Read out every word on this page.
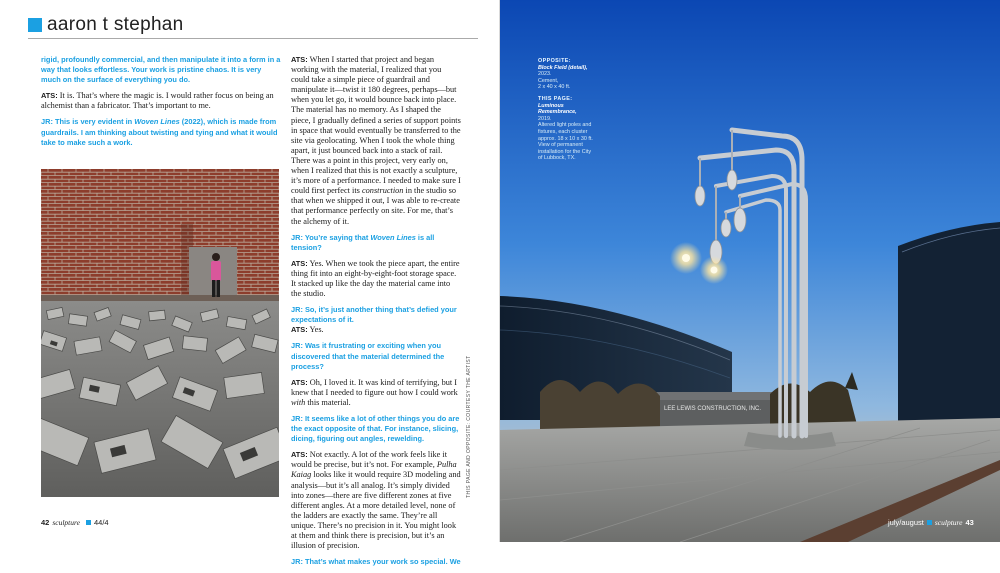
aaron t stephan

rigid, profoundly commercial, and then manipulate it into a form in a way that looks effortless. Your work is pristine chaos. It is very much on the surface of everything you do.

ATS: It is. That’s where the magic is. I would rather focus on being an alchemist than a fabricator. That’s important to me.

JR: This is very evident in Woven Lines (2022), which is made from guardrails. I am thinking about twisting and tying and what it would take to make such a work.

ATS: When I started that project and began working with the material, I realized that you could take a simple piece of guardrail and manipulate it—twist it 180 degrees, perhaps—but when you let go, it would bounce back into place. The material has no memory. As I shaped the piece, I gradually defined a series of support points in space that would eventually be transferred to the site via geolocating. When I took the whole thing apart, it just bounced back into a stack of rail. There was a point in this project, very early on, when I realized that this is not exactly a sculpture, it’s more of a performance. I needed to make sure I could first perfect its construction in the studio so that when we shipped it out, I was able to re-create that performance perfectly on site. For me, that’s the alchemy of it.

JR: You’re saying that Woven Lines is all tension?

ATS: Yes. When we took the piece apart, the entire thing fit into an eight-by-eight-foot storage space. It stacked up like the day the material came into the studio.

JR: So, it’s just another thing that’s defied your expectations of it.
ATS: Yes.

JR: Was it frustrating or exciting when you discovered that the material determined the process?

ATS: Oh, I loved it. It was kind of terrifying, but I knew that I needed to figure out how I could work with this material.

JR: It seems like a lot of other things you do are the exact opposite of that. For instance, slicing, dicing, figuring out angles, rewelding.

ATS: Not exactly. A lot of the work feels like it would be precise, but it’s not. For example, Pulha Kaiag looks like it would require 3D modeling and analysis—but it’s all analog. It’s simply divided into zones—there are five different zones at five different angles. At a more detailed level, none of the ladders are exactly the same. They’re all unique. There’s no precision in it. You might look at them and think there is precision, but it’s an illusion of precision.

JR: That’s what makes your work so special. We

THIS PAGE AND OPPOSITE: COURTESY THE ARTIST
42 sculpture 44/4
LEE LEWIS CONSTRUCTION, INC.
OPPOSITE:
Block Field (detail),
2023.
Cement,
2 x 40 x 40 ft.
THIS PAGE:
Luminous
Remembrance,
2019.
Altered light poles and
fixtures, each cluster
approx. 18 x 10 x 30 ft.
View of permanent
installation for the City
of Lubbock, TX.
july/august sculpture 43
